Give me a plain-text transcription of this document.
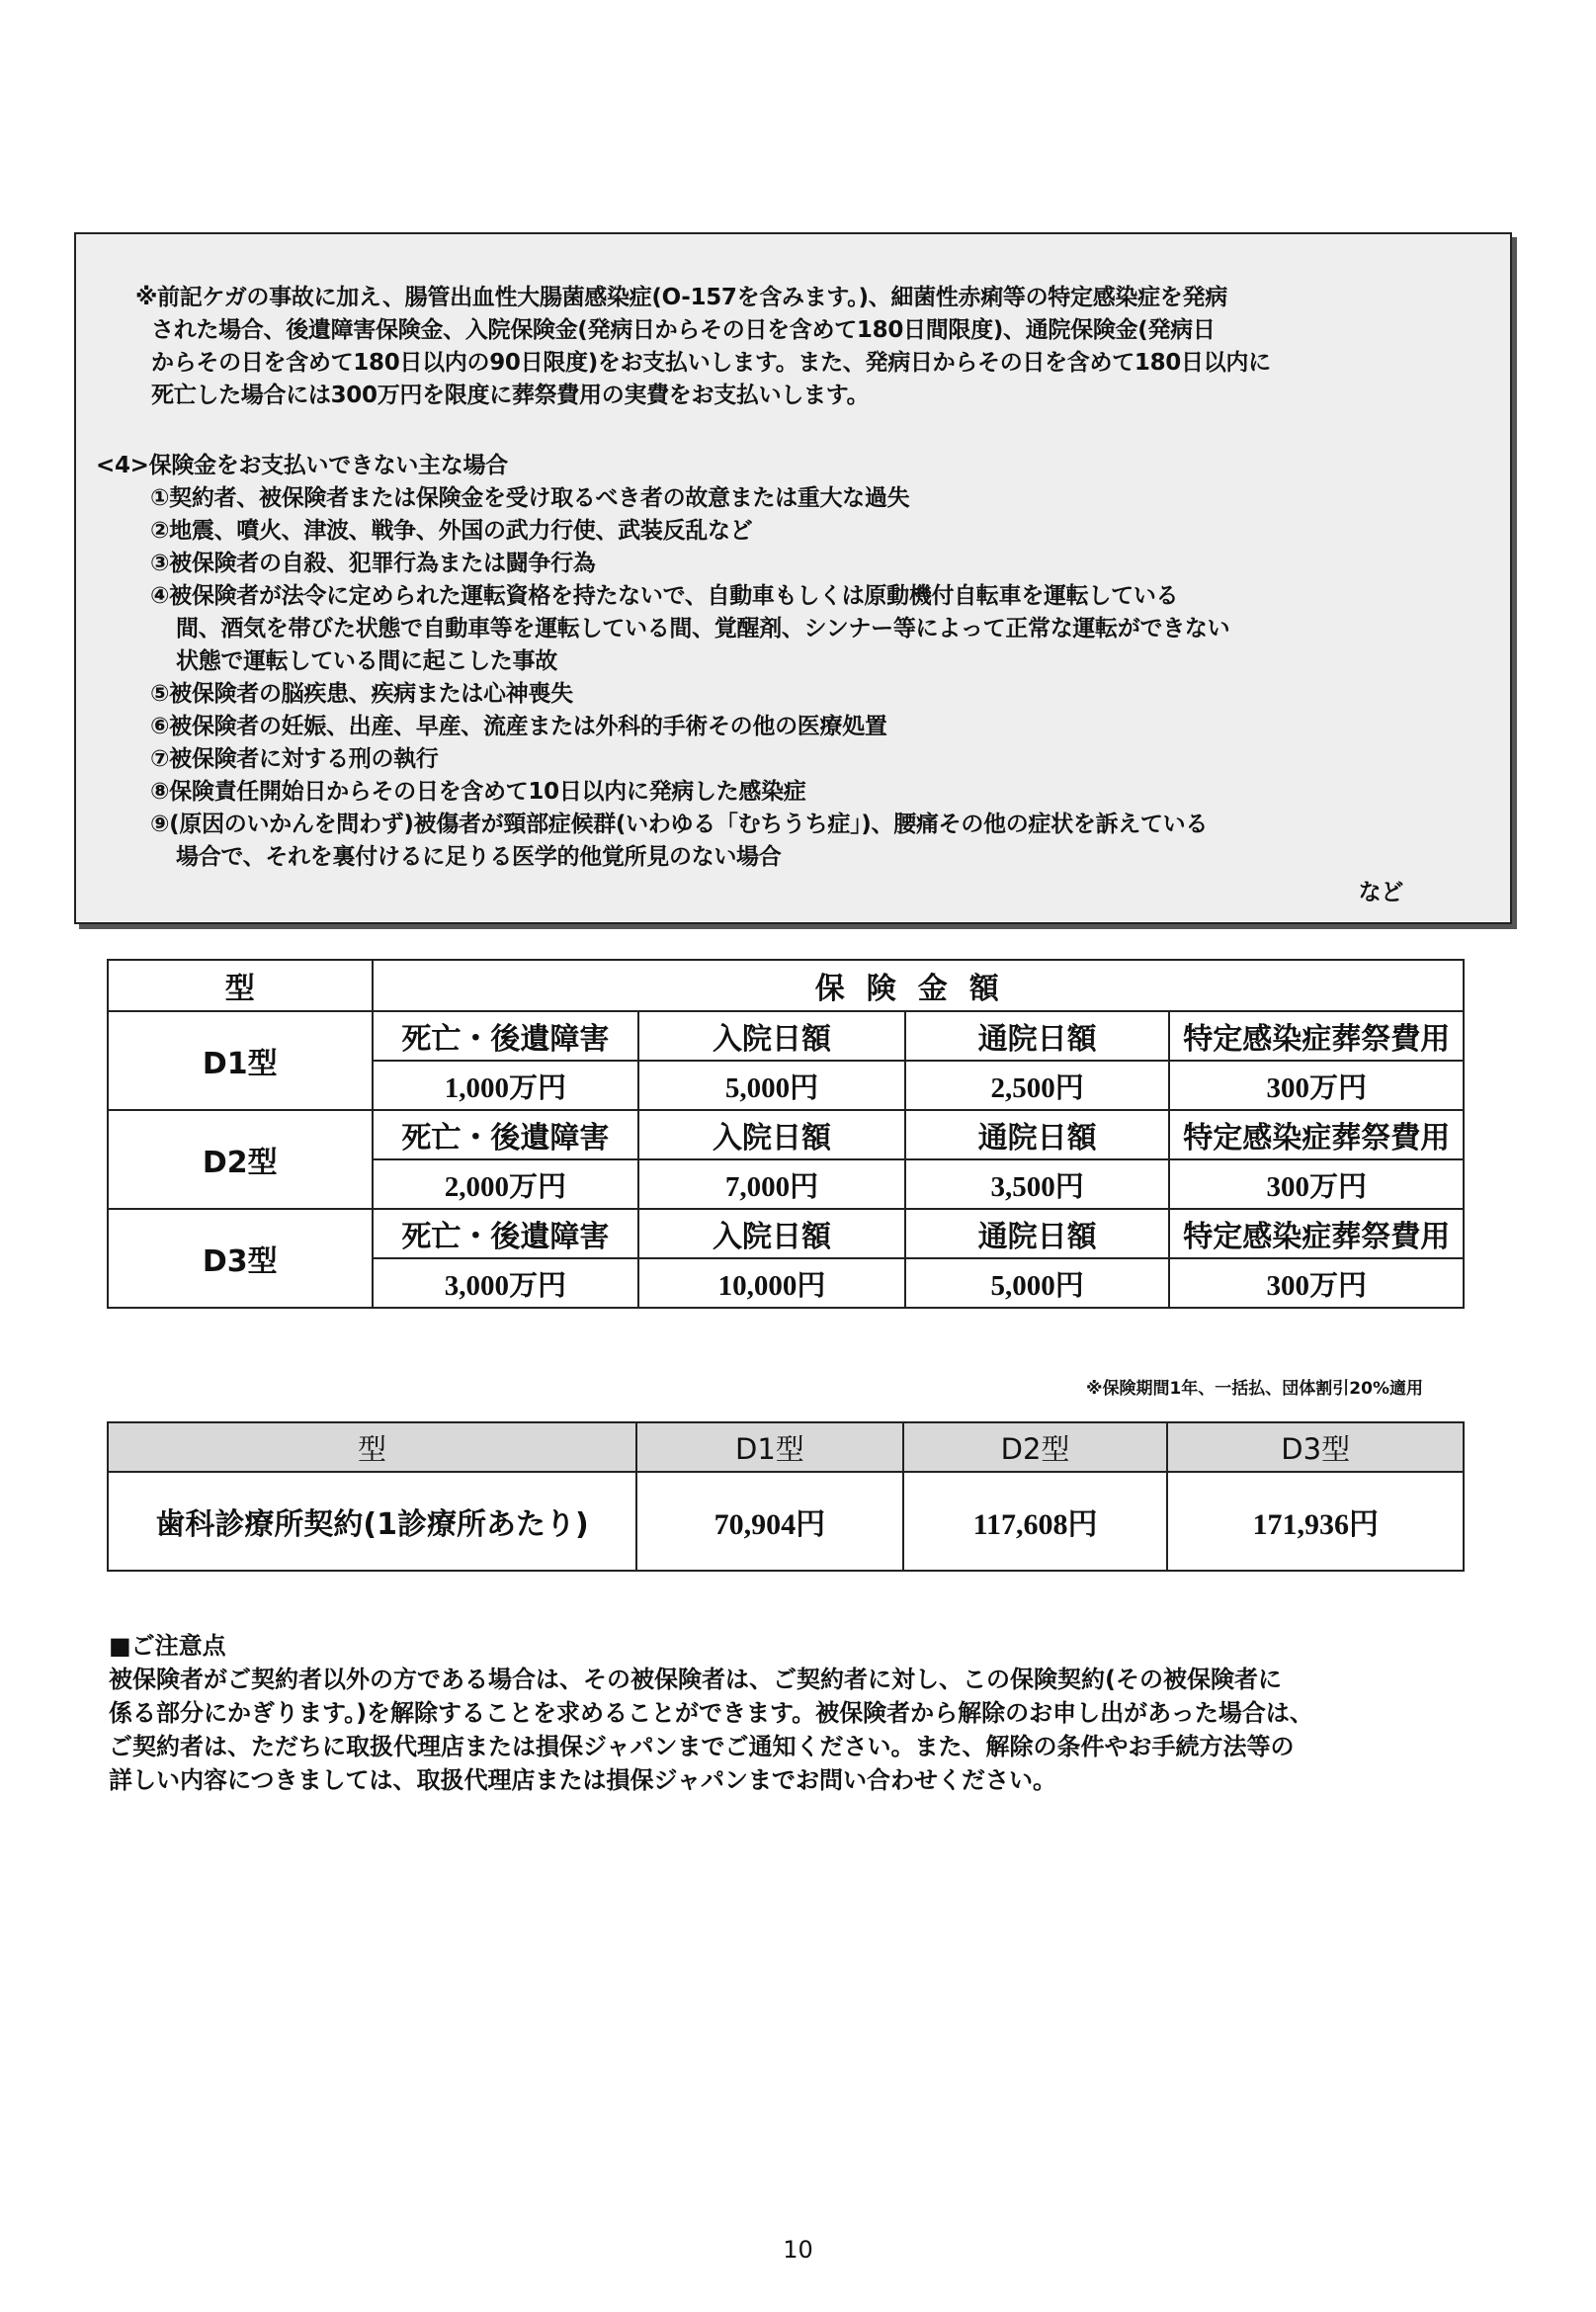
※前記ケガの事故に加え、腸管出血性大腸菌感染症(O-157を含みます。)、細菌性赤痢等の特定感染症を発病

された場合、後遺障害保険金、入院保険金(発病日からその日を含めて180日間限度)、通院保険金(発病日

からその日を含めて180日以内の90日限度)をお支払いします。また、発病日からその日を含めて180日以内に

死亡した場合には300万円を限度に葬祭費用の実費をお支払いします。

<4>保険金をお支払いできない主な場合

①契約者、被保険者または保険金を受け取るべき者の故意または重大な過失

②地震、噴火、津波、戦争、外国の武力行使、武装反乱など

③被保険者の自殺、犯罪行為または闘争行為

④被保険者が法令に定められた運転資格を持たないで、自動車もしくは原動機付自転車を運転している

間、酒気を帯びた状態で自動車等を運転している間、覚醒剤、シンナー等によって正常な運転ができない

状態で運転している間に起こした事故

⑤被保険者の脳疾患、疾病または心神喪失

⑥被保険者の妊娠、出産、早産、流産または外科的手術その他の医療処置

⑦被保険者に対する刑の執行

⑧保険責任開始日からその日を含めて10日以内に発病した感染症

⑨(原因のいかんを問わず)被傷者が頸部症候群(いわゆる「むちうち症」)、腰痛その他の症状を訴えている

場合で、それを裏付けるに足りる医学的他覚所見のない場合

など

型	保険金額			
D1型	死亡・後遺障害	入院日額	通院日額	特定感染症葬祭費用
	1,000万円	5,000円	2,500円	300万円
D2型	死亡・後遺障害	入院日額	通院日額	特定感染症葬祭費用
	2,000万円	7,000円	3,500円	300万円
D3型	死亡・後遺障害	入院日額	通院日額	特定感染症葬祭費用
	3,000万円	10,000円	5,000円	300万円
※保険期間1年、一括払、団体割引20%適用
型	D1型	D2型	D3型
歯科診療所契約(1診療所あたり)	70,904円	117,608円	171,936円

■ご注意点

被保険者がご契約者以外の方である場合は、その被保険者は、ご契約者に対し、この保険契約(その被保険者に

係る部分にかぎります。)を解除することを求めることができます。被保険者から解除のお申し出があった場合は、

ご契約者は、ただちに取扱代理店または損保ジャパンまでご通知ください。また、解除の条件やお手続方法等の

詳しい内容につきましては、取扱代理店または損保ジャパンまでお問い合わせください。

10
